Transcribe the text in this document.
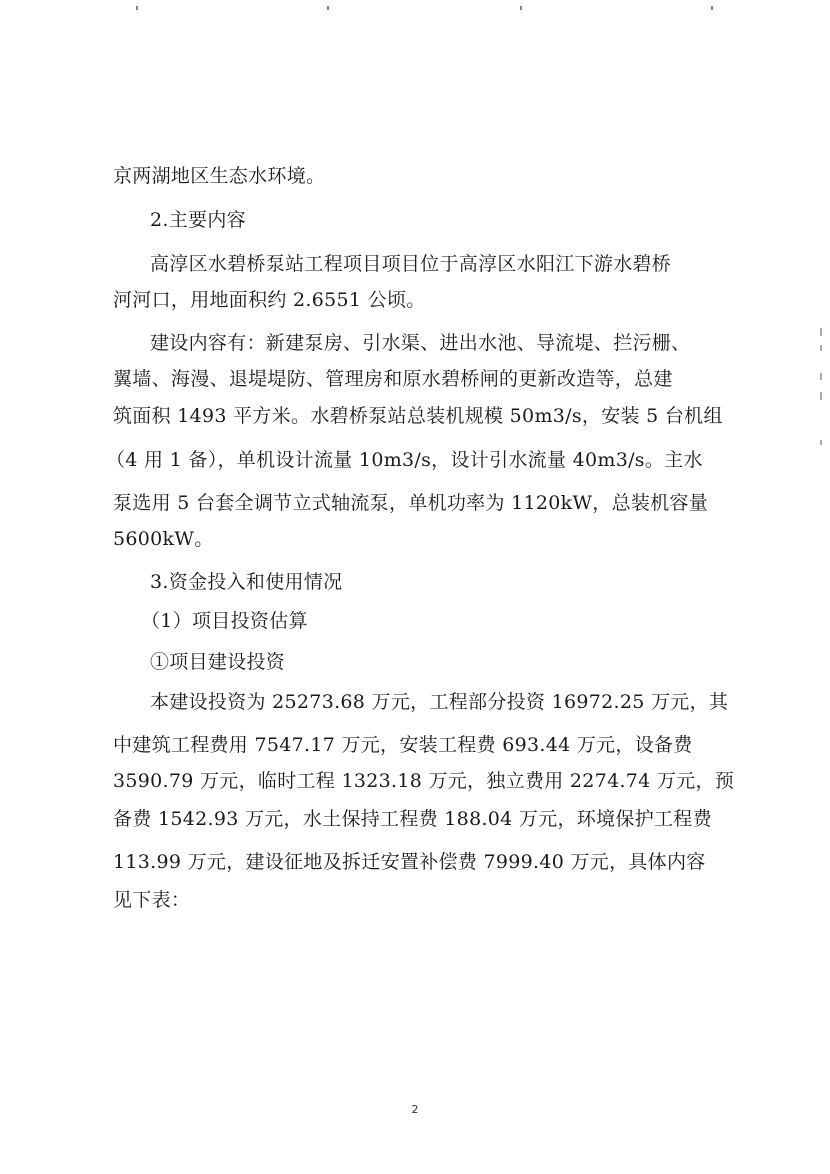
京两湖地区生态水环境。
2.主要内容
高淳区水碧桥泵站工程项目项目位于高淳区水阳江下游水碧桥
河河口，用地面积约 2.6551 公顷。
建设内容有：新建泵房、引水渠、进出水池、导流堤、拦污栅、
翼墙、海漫、退堤堤防、管理房和原水碧桥闸的更新改造等，总建
筑面积 1493 平方米。水碧桥泵站总装机规模 50m3/s，安装 5 台机组
（4 用 1 备），单机设计流量 10m3/s，设计引水流量 40m3/s。主水
泵选用 5 台套全调节立式轴流泵，单机功率为 1120kW，总装机容量
5600kW。
3.资金投入和使用情况
（1）项目投资估算
①项目建设投资
本建设投资为 25273.68 万元，工程部分投资 16972.25 万元，其
中建筑工程费用 7547.17 万元，安装工程费 693.44 万元，设备费
3590.79 万元，临时工程 1323.18 万元，独立费用 2274.74 万元，预
备费 1542.93 万元，水土保持工程费 188.04 万元，环境保护工程费
113.99 万元，建设征地及拆迁安置补偿费 7999.40 万元，具体内容
见下表：
2
